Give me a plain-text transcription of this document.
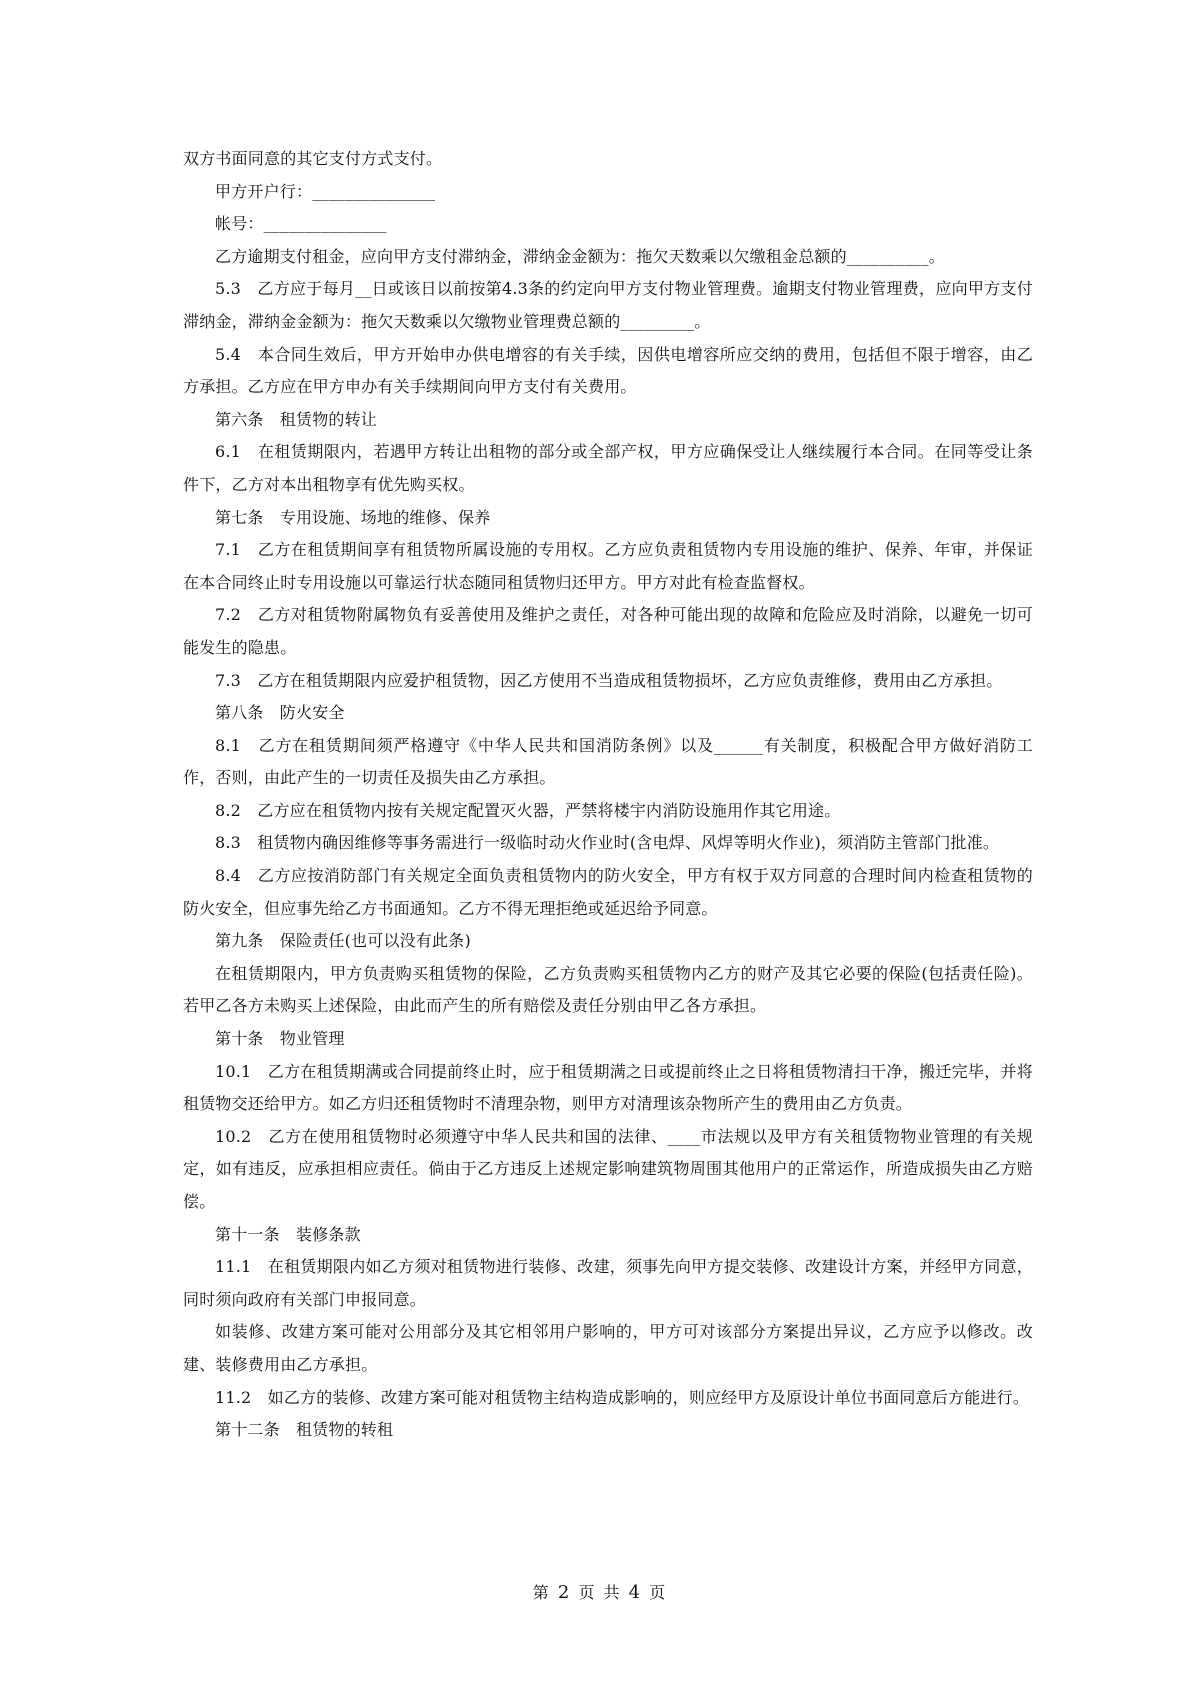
双方书面同意的其它支付方式支付。

甲方开户行：_______________

帐号：_______________

乙方逾期支付租金，应向甲方支付滞纳金，滞纳金金额为：拖欠天数乘以欠缴租金总额的__________。

5.3　乙方应于每月__日或该日以前按第4.3条的约定向甲方支付物业管理费。逾期支付物业管理费，应向甲方支付滞纳金，滞纳金金额为：拖欠天数乘以欠缴物业管理费总额的_________。

5.4　本合同生效后，甲方开始申办供电增容的有关手续，因供电增容所应交纳的费用，包括但不限于增容，由乙方承担。乙方应在甲方申办有关手续期间向甲方支付有关费用。

第六条　租赁物的转让

6.1　在租赁期限内，若遇甲方转让出租物的部分或全部产权，甲方应确保受让人继续履行本合同。在同等受让条件下，乙方对本出租物享有优先购买权。

第七条　专用设施、场地的维修、保养

7.1　乙方在租赁期间享有租赁物所属设施的专用权。乙方应负责租赁物内专用设施的维护、保养、年审，并保证在本合同终止时专用设施以可靠运行状态随同租赁物归还甲方。甲方对此有检查监督权。

7.2　乙方对租赁物附属物负有妥善使用及维护之责任，对各种可能出现的故障和危险应及时消除，以避免一切可能发生的隐患。

7.3　乙方在租赁期限内应爱护租赁物，因乙方使用不当造成租赁物损坏，乙方应负责维修，费用由乙方承担。

第八条　防火安全

8.1　乙方在租赁期间须严格遵守《中华人民共和国消防条例》以及______有关制度，积极配合甲方做好消防工作，否则，由此产生的一切责任及损失由乙方承担。

8.2　乙方应在租赁物内按有关规定配置灭火器，严禁将楼宇内消防设施用作其它用途。

8.3　租赁物内确因维修等事务需进行一级临时动火作业时(含电焊、风焊等明火作业)，须消防主管部门批准。

8.4　乙方应按消防部门有关规定全面负责租赁物内的防火安全，甲方有权于双方同意的合理时间内检查租赁物的防火安全，但应事先给乙方书面通知。乙方不得无理拒绝或延迟给予同意。

第九条　保险责任(也可以没有此条)

在租赁期限内，甲方负责购买租赁物的保险，乙方负责购买租赁物内乙方的财产及其它必要的保险(包括责任险)。若甲乙各方未购买上述保险，由此而产生的所有赔偿及责任分别由甲乙各方承担。

第十条　物业管理

10.1　乙方在租赁期满或合同提前终止时，应于租赁期满之日或提前终止之日将租赁物清扫干净，搬迁完毕，并将租赁物交还给甲方。如乙方归还租赁物时不清理杂物，则甲方对清理该杂物所产生的费用由乙方负责。

10.2　乙方在使用租赁物时必须遵守中华人民共和国的法律、____市法规以及甲方有关租赁物物业管理的有关规定，如有违反，应承担相应责任。倘由于乙方违反上述规定影响建筑物周围其他用户的正常运作，所造成损失由乙方赔偿。

第十一条　装修条款

11.1　在租赁期限内如乙方须对租赁物进行装修、改建，须事先向甲方提交装修、改建设计方案，并经甲方同意，同时须向政府有关部门申报同意。

如装修、改建方案可能对公用部分及其它相邻用户影响的，甲方可对该部分方案提出异议，乙方应予以修改。改建、装修费用由乙方承担。

11.2　如乙方的装修、改建方案可能对租赁物主结构造成影响的，则应经甲方及原设计单位书面同意后方能进行。

第十二条　租赁物的转租

第 2 页 共 4 页
